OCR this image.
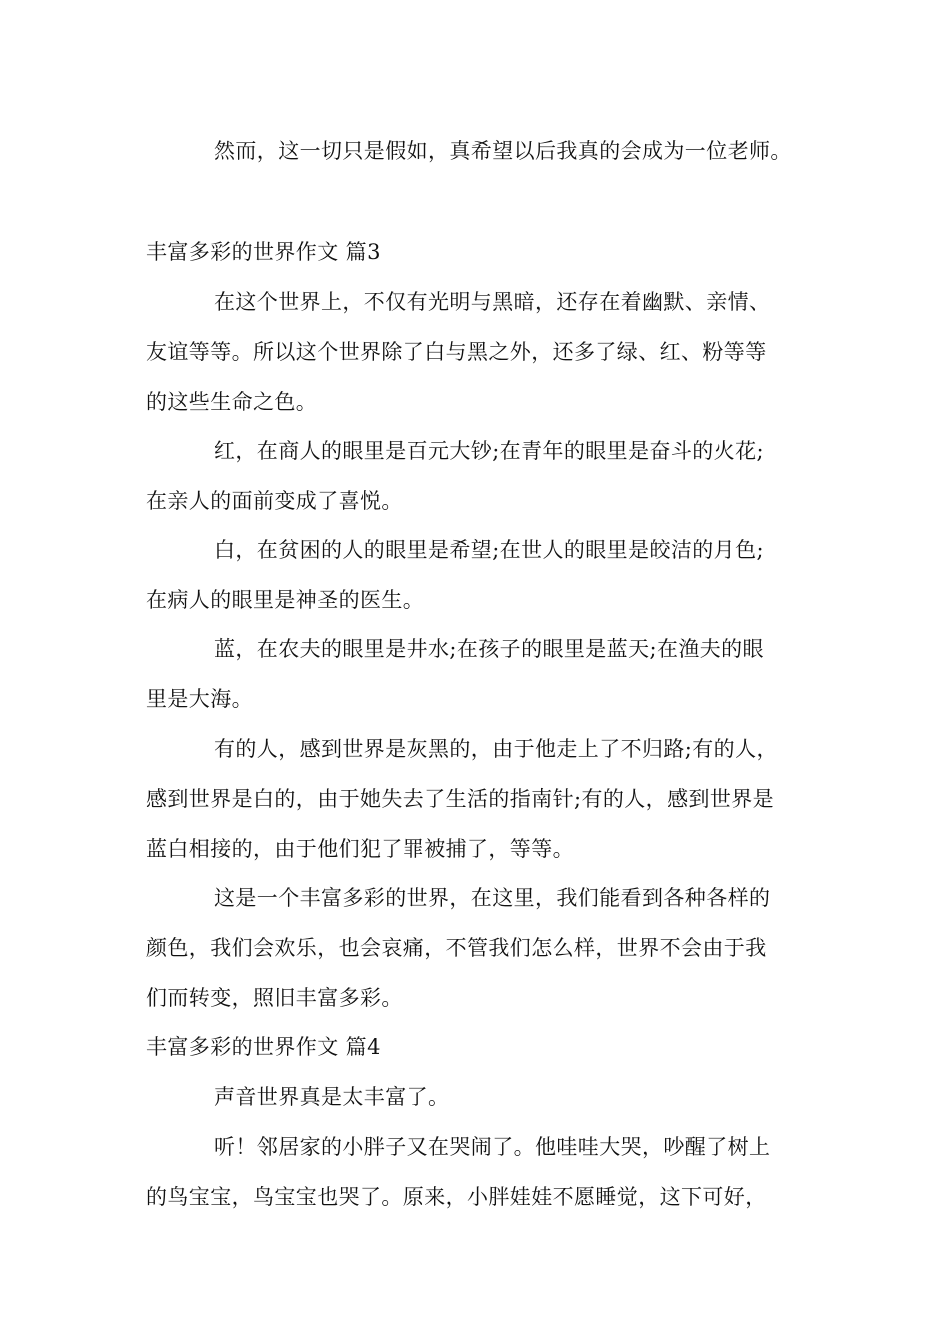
然而，这一切只是假如，真希望以后我真的会成为一位老师。
丰富多彩的世界作文 篇3
在这个世界上，不仅有光明与黑暗，还存在着幽默、亲情、
友谊等等。所以这个世界除了白与黑之外，还多了绿、红、粉等等
的这些生命之色。
红，在商人的眼里是百元大钞;在青年的眼里是奋斗的火花;
在亲人的面前变成了喜悦。
白，在贫困的人的眼里是希望;在世人的眼里是皎洁的月色;
在病人的眼里是神圣的医生。
蓝，在农夫的眼里是井水;在孩子的眼里是蓝天;在渔夫的眼
里是大海。
有的人，感到世界是灰黑的，由于他走上了不归路;有的人，
感到世界是白的，由于她失去了生活的指南针;有的人，感到世界是
蓝白相接的，由于他们犯了罪被捕了，等等。
这是一个丰富多彩的世界，在这里，我们能看到各种各样的
颜色，我们会欢乐，也会哀痛，不管我们怎么样，世界不会由于我
们而转变，照旧丰富多彩。
丰富多彩的世界作文 篇4
声音世界真是太丰富了。
听！邻居家的小胖子又在哭闹了。他哇哇大哭，吵醒了树上
的鸟宝宝，鸟宝宝也哭了。原来，小胖娃娃不愿睡觉，这下可好，
